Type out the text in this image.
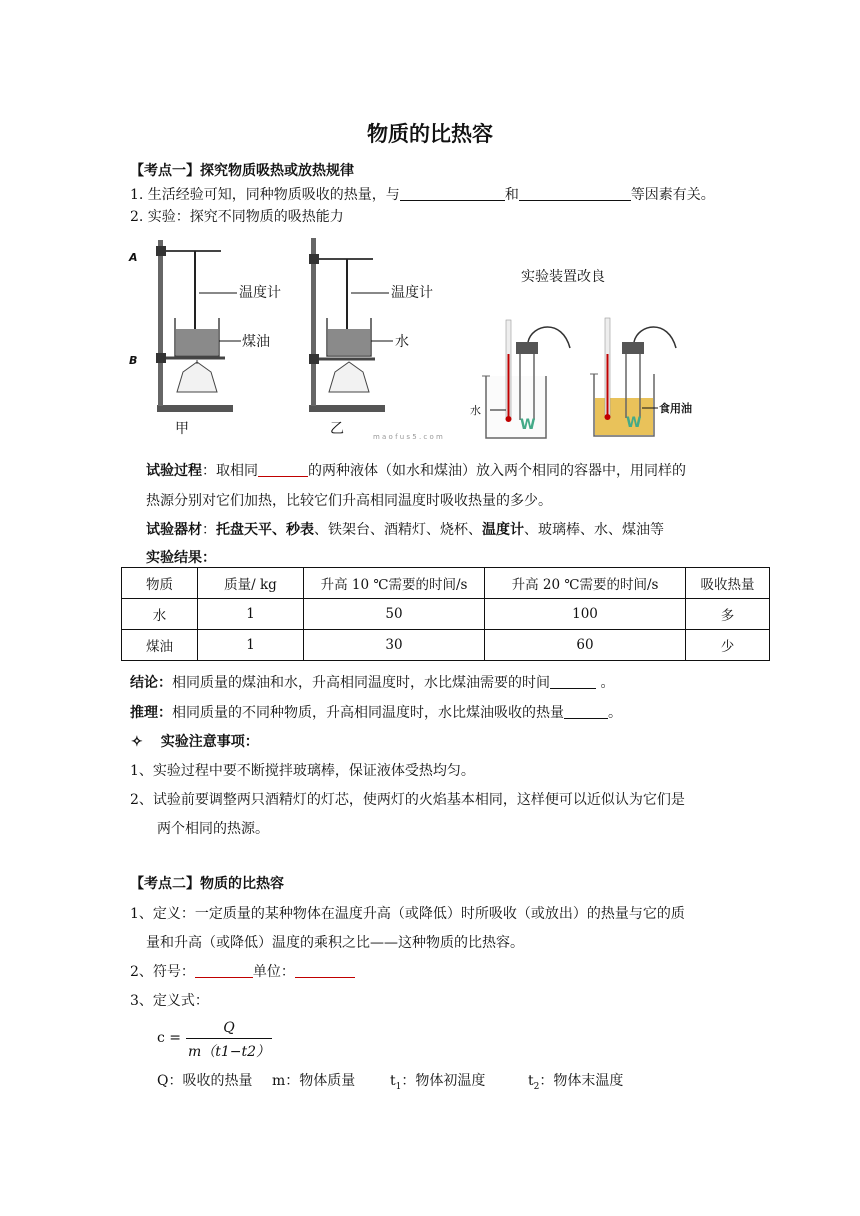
物质的比热容
【考点一】探究物质吸热或放热规律
1. 生活经验可知，同种物质吸收的热量，与	和	等因素有关。
2. 实验：探究不同物质的吸热能力
A
B
温度计
煤油
甲
温度计
水
乙	m a o f u s 5 . c o m
实验装置改良
W
水
W
食用油
试验过程：取相同	的两种液体（如水和煤油）放入两个相同的容器中，用同样的
热源分别对它们加热，比较它们升高相同温度时吸收热量的多少。
试验器材：托盘天平、秒表、铁架台、酒精灯、烧杯、温度计、玻璃棒、水、煤油等
实验结果：
物质	质量/ kg	升高 10 ℃需要的时间/s	升高 20 ℃需要的时间/s	吸收热量
水	1	50	100	多
煤油	1	30	60	少
结论：相同质量的煤油和水，升高相同温度时，水比煤油需要的时间	。
推理：相同质量的不同种物质，升高相同温度时，水比煤油吸收的热量	。
✧ 实验注意事项：
1、实验过程中要不断搅拌玻璃棒，保证液体受热均匀。
2、试验前要调整两只酒精灯的灯芯，使两灯的火焰基本相同，这样便可以近似认为它们是
两个相同的热源。
【考点二】物质的比热容
1、定义：一定质量的某种物体在温度升高（或降低）时所吸收（或放出）的热量与它的质
量和升高（或降低）温度的乘积之比——这种物质的比热容。
2、符号：	单位：
3、定义式：
$c = \frac{Q}{m(t1-t2)}$
Q：吸收的热量 m：物体质量 $t_1$：物体初温度	$t_2$：物体末温度
